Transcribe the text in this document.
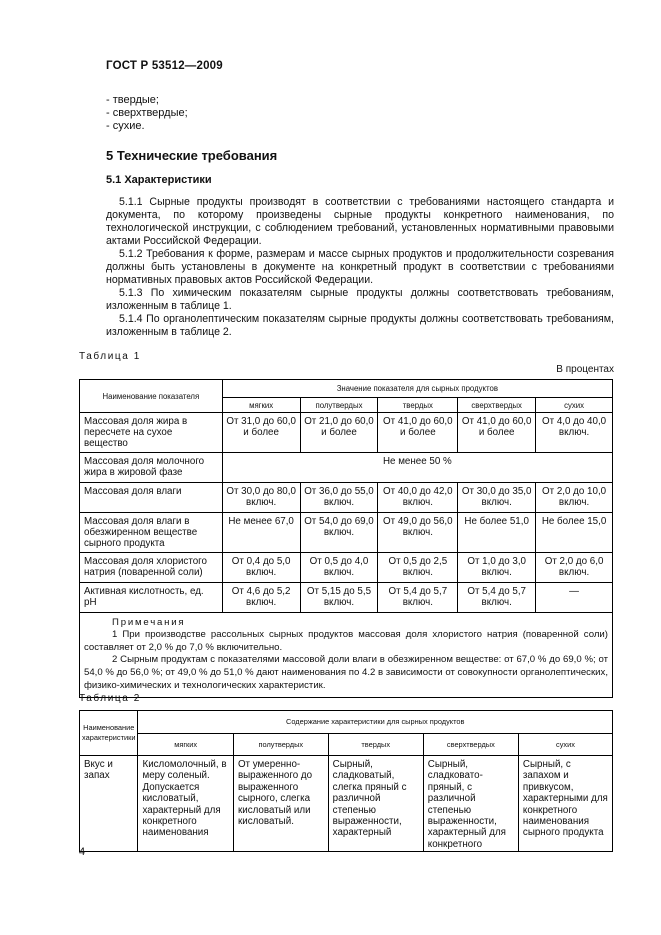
ГОСТ Р 53512—2009
- твердые;
- сверхтвердые;
- сухие.
5 Технические требования
5.1 Характеристики

5.1.1 Сырные продукты производят в соответствии с требованиями настоящего стандарта и документа, по которому произведены сырные продукты конкретного наименования, по технологической инструкции, с соблюдением требований, установленных нормативными правовыми актами Российской Федерации.

5.1.2 Требования к форме, размерам и массе сырных продуктов и продолжительности созревания должны быть установлены в документе на конкретный продукт в соответствии с требованиями нормативных правовых актов Российской Федерации.

5.1.3 По химическим показателям сырные продукты должны соответствовать требованиям, изложенным в таблице 1.

5.1.4 По органолептическим показателям сырные продукты должны соответствовать требованиям, изложенным в таблице 2.

Таблица 1
В процентах
Наименование показателя	Значение показателя для сырных продуктов				
	мягких	полутвердых	твердых	сверхтвердых	сухих
Массовая доля жира в пересчете на сухое вещество	От 31,0 до 60,0 и более	От 21,0 до 60,0 и более	От 41,0 до 60,0 и более	От 41,0 до 60,0 и более	От 4,0 до 40,0 включ.
Массовая доля молочного жира в жировой фазе	Не менее 50 %				
Массовая доля влаги	От 30,0 до 80,0 включ.	От 36,0 до 55,0 включ.	От 40,0 до 42,0 включ.	От 30,0 до 35,0 включ.	От 2,0 до 10,0 включ.
Массовая доля влаги в обезжиренном веществе сырного продукта	Не менее 67,0	От 54,0 до 69,0 включ.	От 49,0 до 56,0 включ.	Не более 51,0	Не более 15,0
Массовая доля хлористого натрия (поваренной соли)	От 0,4 до 5,0 включ.	От 0,5 до 4,0 включ.	От 0,5 до 2,5 включ.	От 1,0 до 3,0 включ.	От 2,0 до 6,0 включ.
Активная кислотность, ед. pH	От 4,6 до 5,2 включ.	От 5,15 до 5,5 включ.	От 5,4 до 5,7 включ.	От 5,4 до 5,7 включ.	—

Примечания
1 При производстве рассольных сырных продуктов массовая доля хлористого натрия (поваренной соли) составляет от 2,0 % до 7,0 % включительно.
2 Сырным продуктам с показателями массовой доли влаги в обезжиренном веществе: от 67,0 % до 69,0 %; от 54,0 % до 56,0 %; от 49,0 % до 51,0 % дают наименования по 4.2 в зависимости от совокупности органолептических, физико-химических и технологических характеристик.					
Таблица 2
Наименование характеристики	Содержание характеристики для сырных продуктов				
	мягких	полутвердых	твердых	сверхтвердых	сухих
Вкус и запах	Кисломолочный, в меру соленый. Допускается кисловатый, характерный для конкретного наименования	От умеренно-выраженного до выраженного сырного, слегка кисловатый или кисловатый.	Сырный, сладковатый, слегка пряный с различной степенью выраженности, характерный	Сырный, сладковато-пряный, с различной степенью выраженности, характерный для конкретного	Сырный, с запахом и привкусом, характерными для конкретного наименования сырного продукта
4
